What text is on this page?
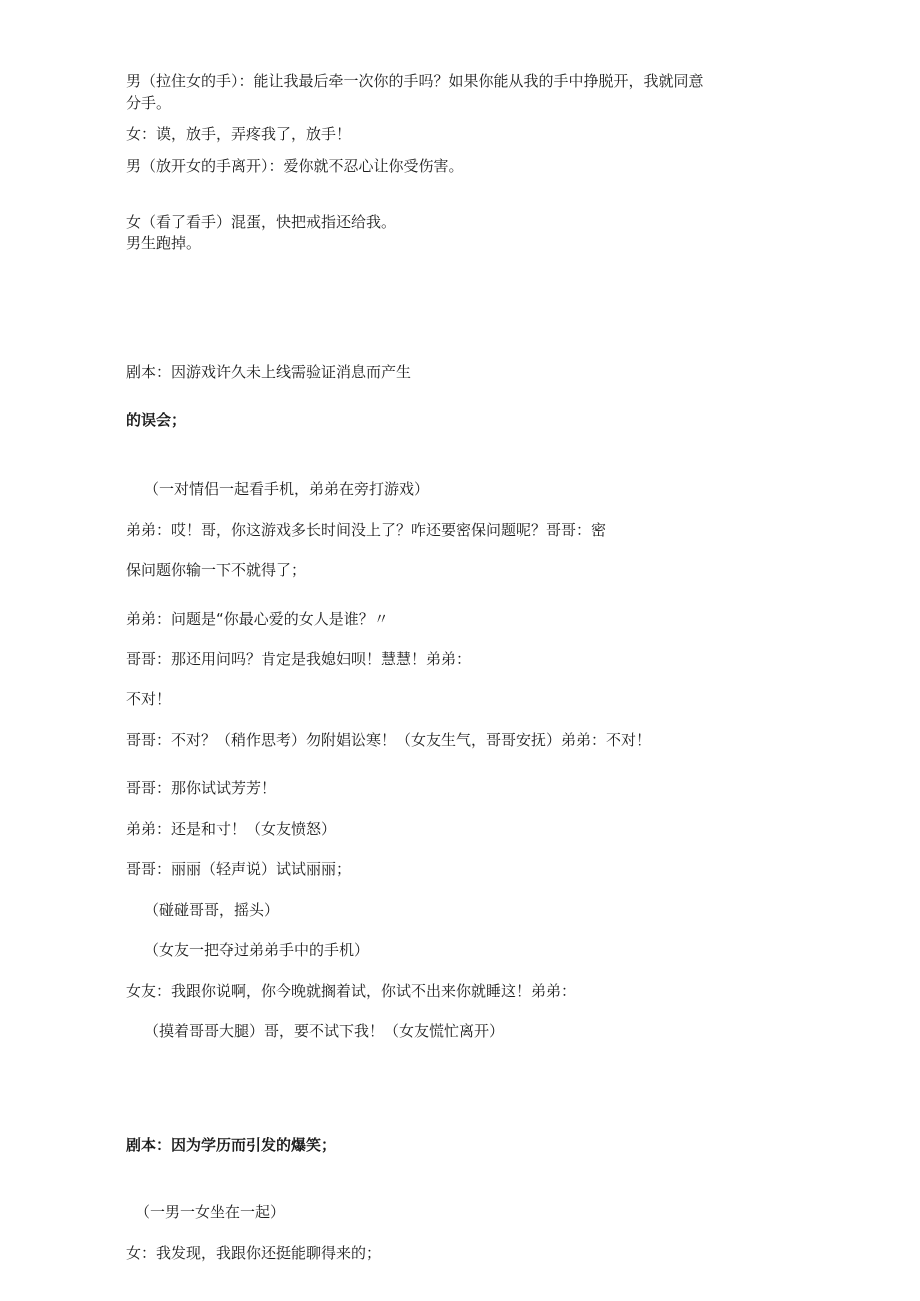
男（拉住女的手）：能让我最后牵一次你的手吗？如果你能从我的手中挣脱开，我就同意
分手。
女：谟，放手，弄疼我了，放手！
男（放开女的手离开）：爱你就不忍心让你受伤害。
女（看了看手）混蛋，快把戒指还给我。
男生跑掉。
剧本：因游戏许久未上线需验证消息而产生
的误会；
（一对情侣一起看手机，弟弟在旁打游戏）
弟弟：哎！哥，你这游戏多长时间没上了？咋还要密保问题呢？哥哥：密
保问题你输一下不就得了；
弟弟：问题是“你最心爱的女人是谁？〃
哥哥：那还用问吗？肯定是我媳妇呗！慧慧！弟弟：
不对！
哥哥：不对？（稍作思考）勿附娼讼寒！（女友生气，哥哥安抚）弟弟：不对！
哥哥：那你试试芳芳！
弟弟：还是和寸！（女友愤怒）
哥哥：丽丽（轻声说）试试丽丽；
（碰碰哥哥，摇头）
（女友一把夺过弟弟手中的手机）
女友：我跟你说啊，你今晚就搁着试，你试不出来你就睡这！弟弟：
（摸着哥哥大腿）哥，要不试下我！（女友慌忙离开）
剧本：因为学历而引发的爆笑；
（一男一女坐在一起）
女：我发现，我跟你还挺能聊得来的；
